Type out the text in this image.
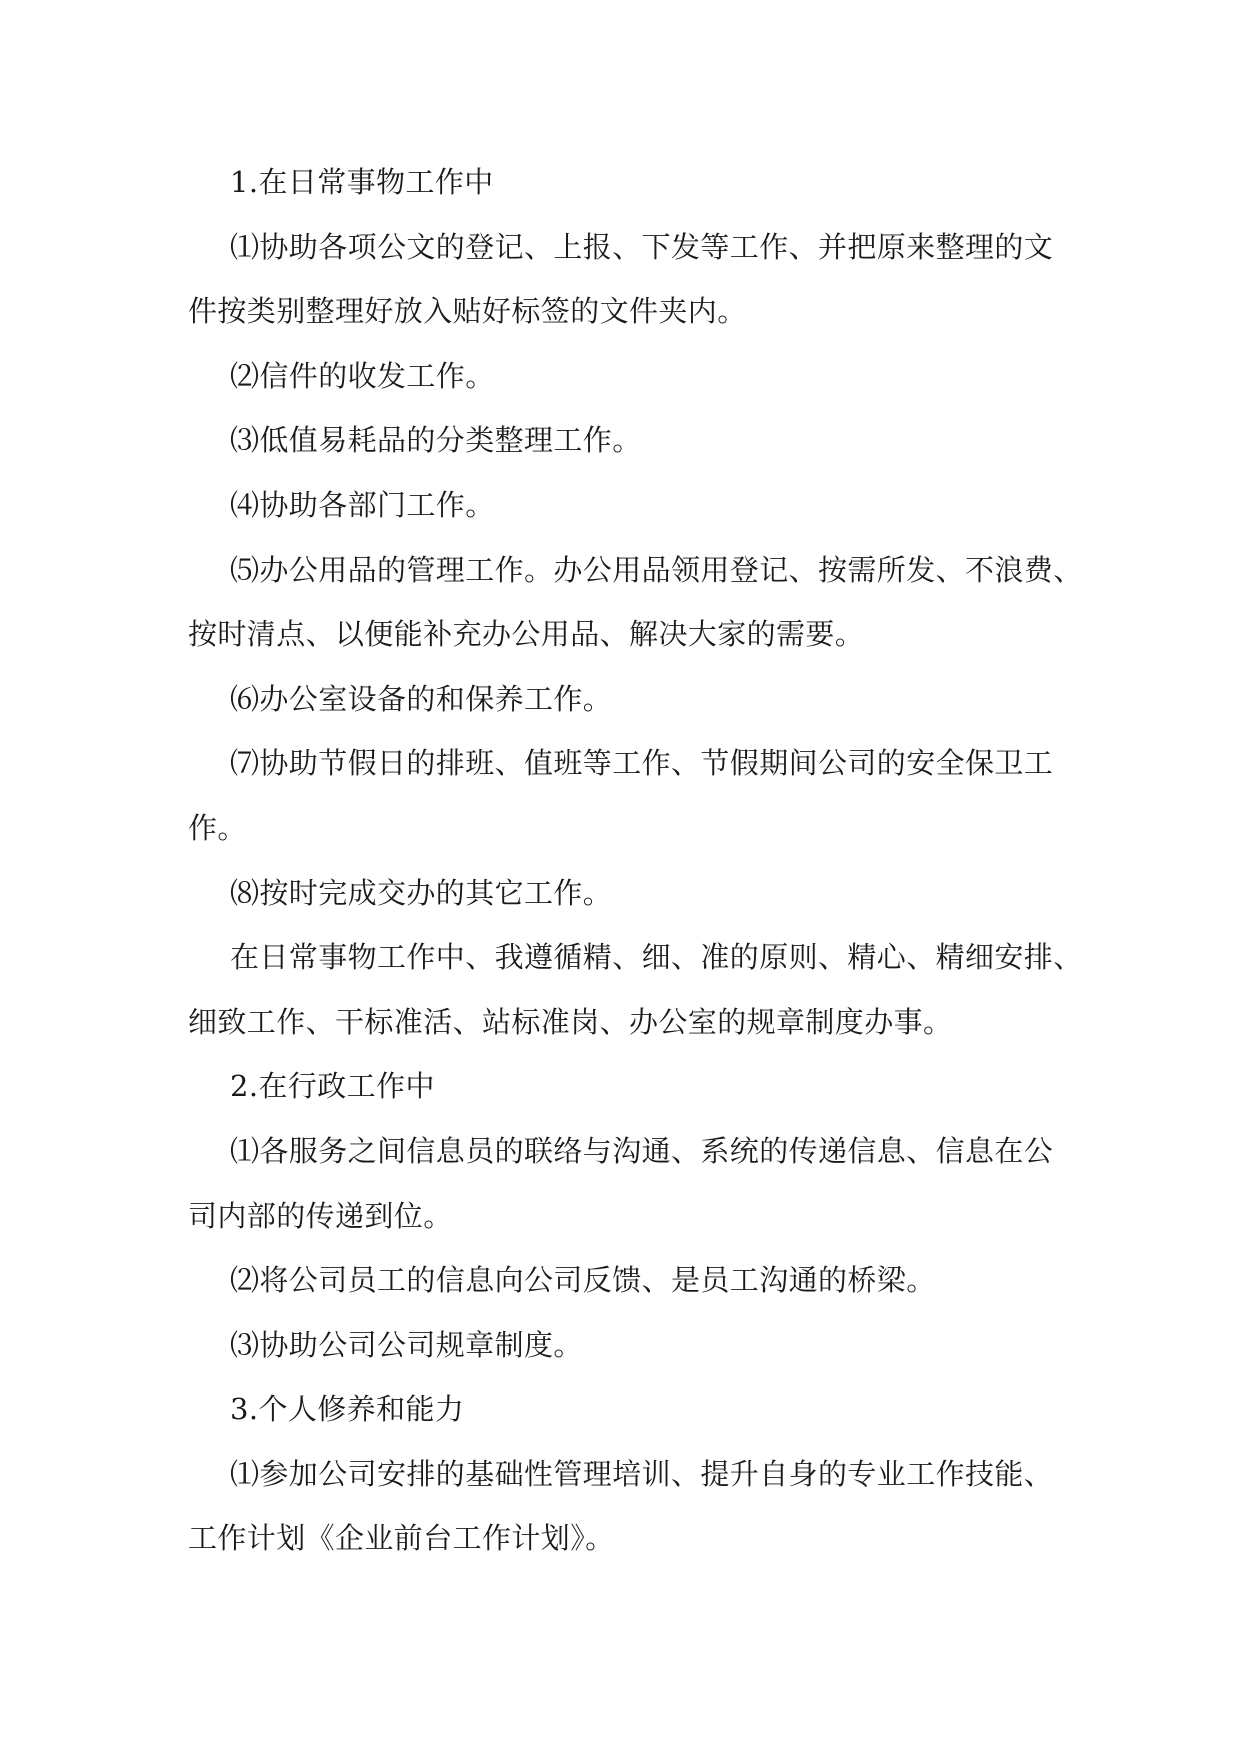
1.在日常事物工作中
⑴协助各项公文的登记、上报、下发等工作、并把原来整理的文
件按类别整理好放入贴好标签的文件夹内。
⑵信件的收发工作。
⑶低值易耗品的分类整理工作。
⑷协助各部门工作。
⑸办公用品的管理工作。办公用品领用登记、按需所发、不浪费、
按时清点、以便能补充办公用品、解决大家的需要。
⑹办公室设备的和保养工作。
⑺协助节假日的排班、值班等工作、节假期间公司的安全保卫工
作。
⑻按时完成交办的其它工作。
在日常事物工作中、我遵循精、细、准的原则、精心、精细安排、
细致工作、干标准活、站标准岗、办公室的规章制度办事。
2.在行政工作中
⑴各服务之间信息员的联络与沟通、系统的传递信息、信息在公
司内部的传递到位。
⑵将公司员工的信息向公司反馈、是员工沟通的桥梁。
⑶协助公司公司规章制度。
3.个人修养和能力
⑴参加公司安排的基础性管理培训、提升自身的专业工作技能、
工作计划《企业前台工作计划》。
